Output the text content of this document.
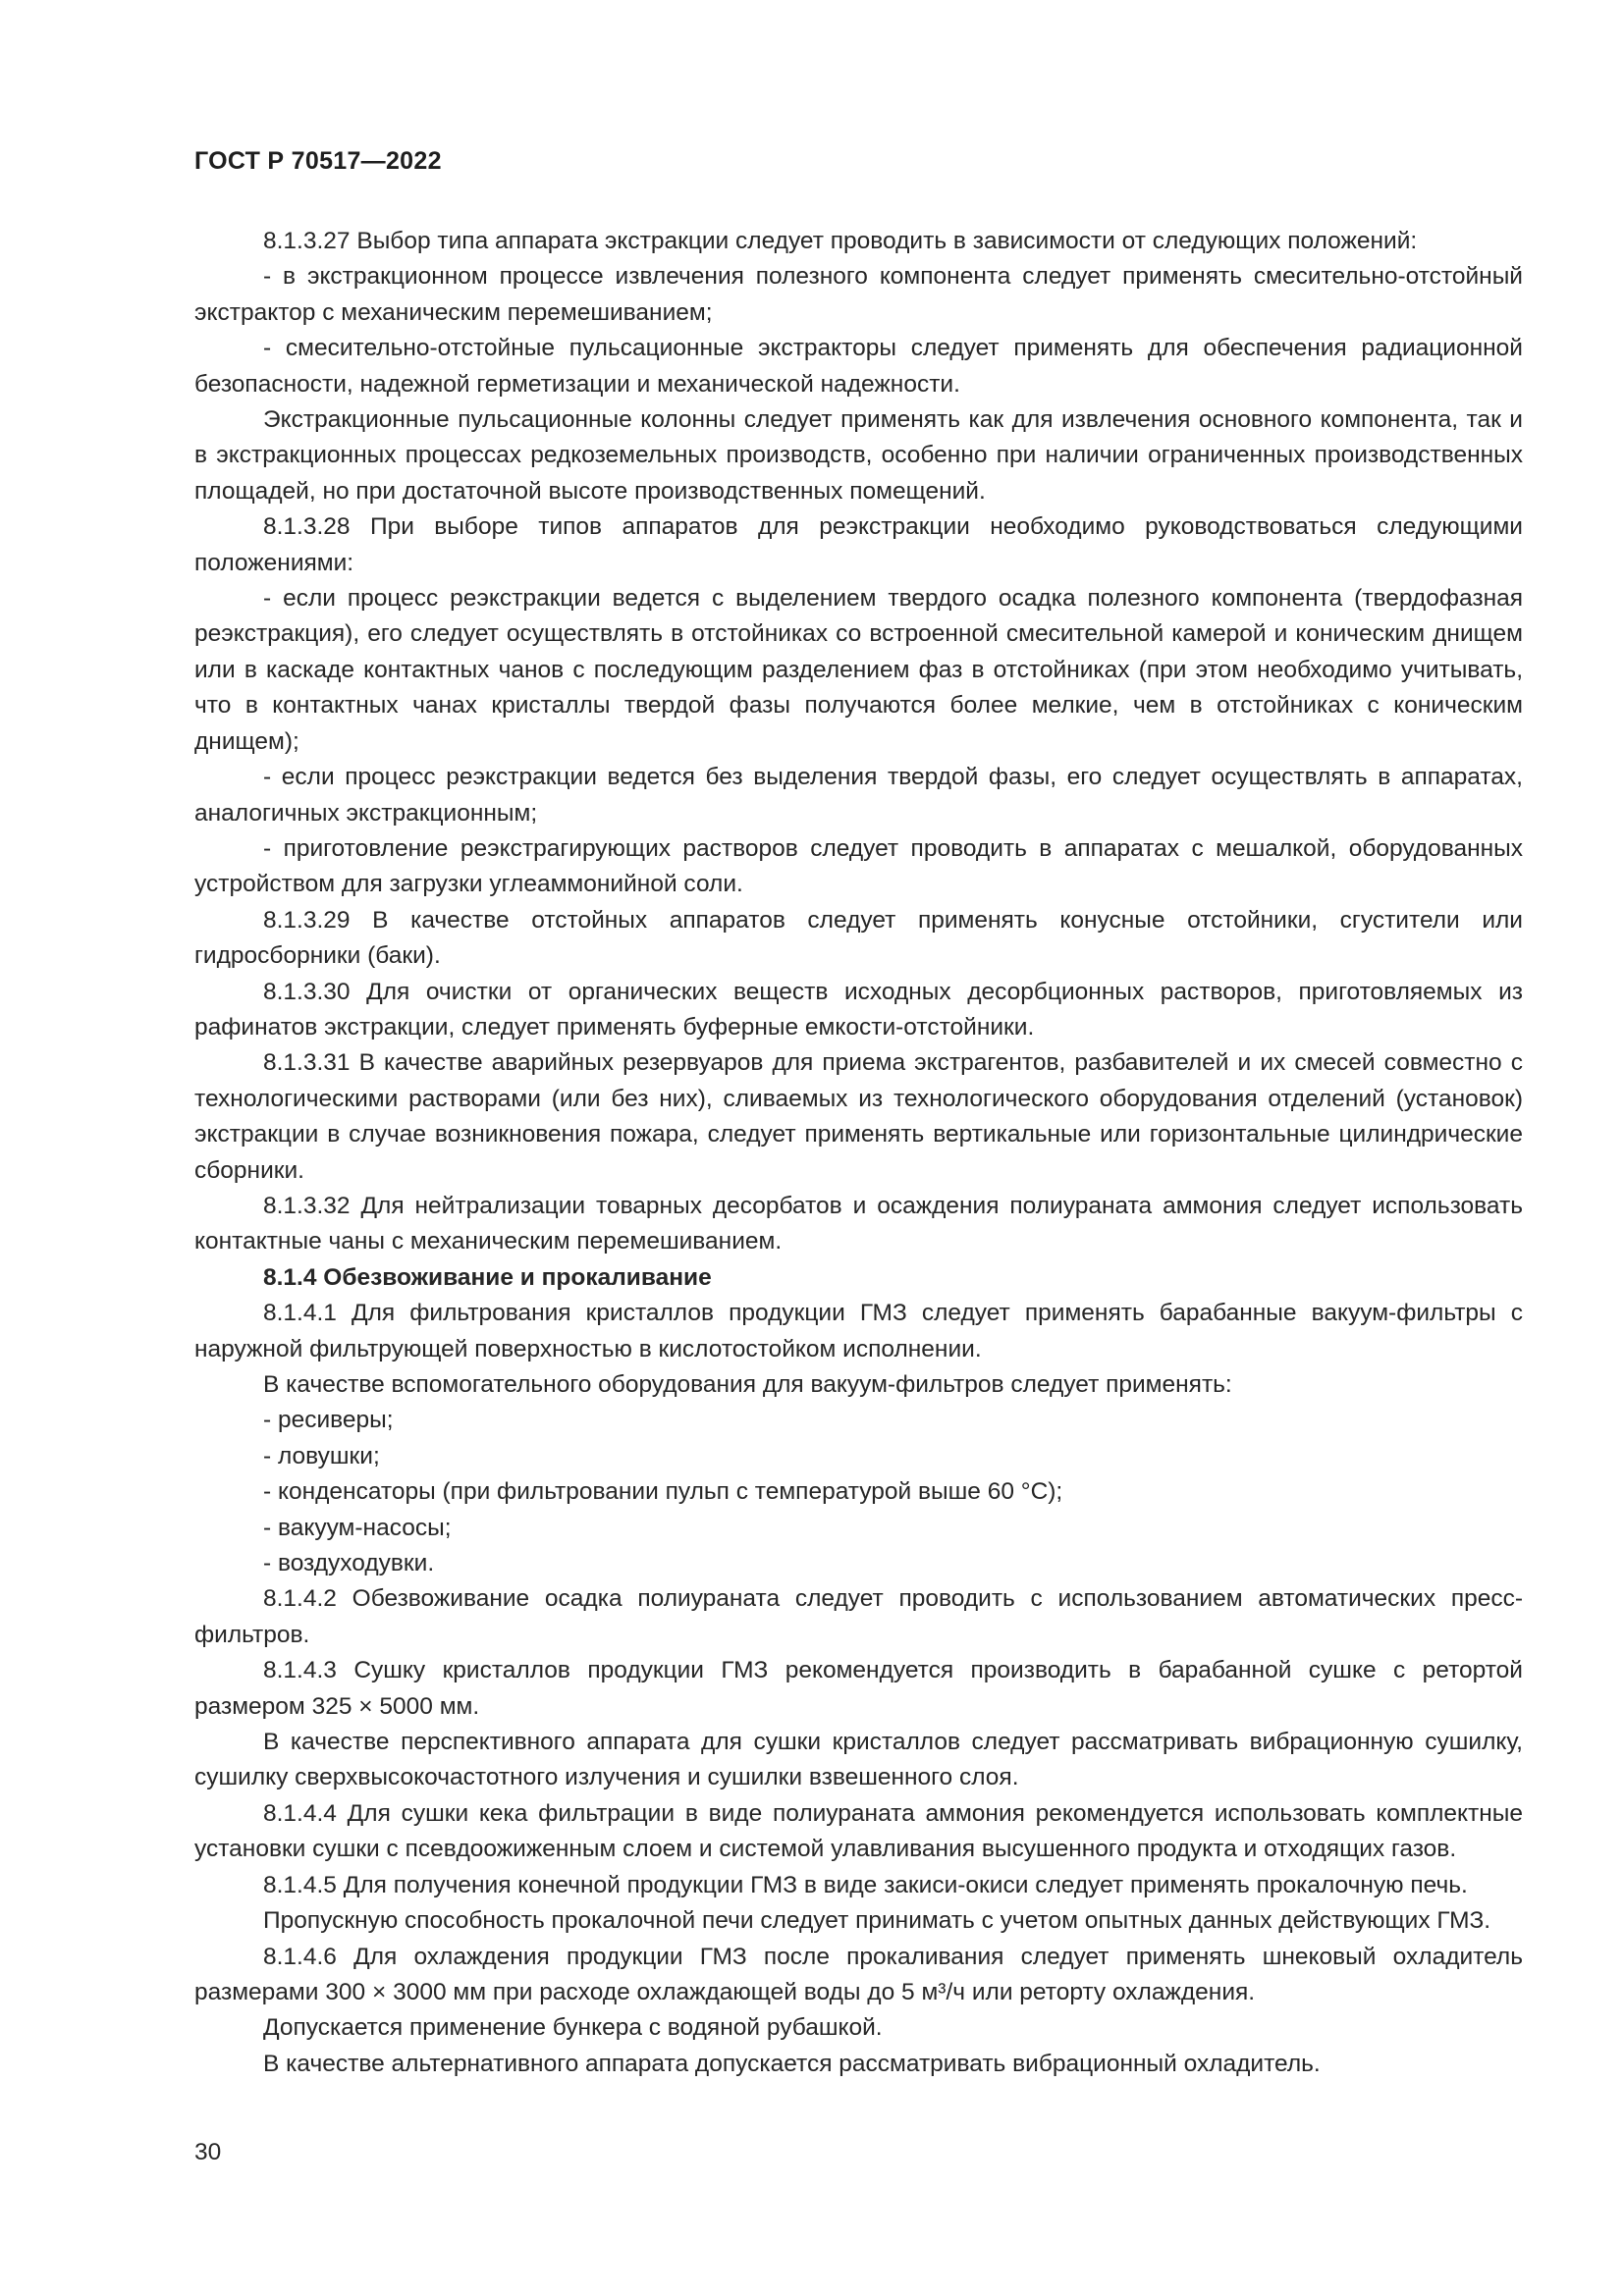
ГОСТ Р 70517—2022

8.1.3.27 Выбор типа аппарата экстракции следует проводить в зависимости от следующих положений:

- в экстракционном процессе извлечения полезного компонента следует применять смесительно-отстойный экстрактор с механическим перемешиванием;

- смесительно-отстойные пульсационные экстракторы следует применять для обеспечения радиационной безопасности, надежной герметизации и механической надежности.

Экстракционные пульсационные колонны следует применять как для извлечения основного компонента, так и в экстракционных процессах редкоземельных производств, особенно при наличии ограниченных производственных площадей, но при достаточной высоте производственных помещений.

8.1.3.28 При выборе типов аппаратов для реэкстракции необходимо руководствоваться следующими положениями:

- если процесс реэкстракции ведется с выделением твердого осадка полезного компонента (твердофазная реэкстракция), его следует осуществлять в отстойниках со встроенной смесительной камерой и коническим днищем или в каскаде контактных чанов с последующим разделением фаз в отстойниках (при этом необходимо учитывать, что в контактных чанах кристаллы твердой фазы получаются более мелкие, чем в отстойниках с коническим днищем);

- если процесс реэкстракции ведется без выделения твердой фазы, его следует осуществлять в аппаратах, аналогичных экстракционным;

- приготовление реэкстрагирующих растворов следует проводить в аппаратах с мешалкой, оборудованных устройством для загрузки углеаммонийной соли.

8.1.3.29 В качестве отстойных аппаратов следует применять конусные отстойники, сгустители или гидросборники (баки).

8.1.3.30 Для очистки от органических веществ исходных десорбционных растворов, приготовляемых из рафинатов экстракции, следует применять буферные емкости-отстойники.

8.1.3.31 В качестве аварийных резервуаров для приема экстрагентов, разбавителей и их смесей совместно с технологическими растворами (или без них), сливаемых из технологического оборудования отделений (установок) экстракции в случае возникновения пожара, следует применять вертикальные или горизонтальные цилиндрические сборники.

8.1.3.32 Для нейтрализации товарных десорбатов и осаждения полиураната аммония следует использовать контактные чаны с механическим перемешиванием.

8.1.4 Обезвоживание и прокаливание

8.1.4.1 Для фильтрования кристаллов продукции ГМЗ следует применять барабанные вакуум-фильтры с наружной фильтрующей поверхностью в кислотостойком исполнении.

В качестве вспомогательного оборудования для вакуум-фильтров следует применять:

- ресиверы;

- ловушки;

- конденсаторы (при фильтровании пульп с температурой выше 60 °C);

- вакуум-насосы;

- воздуходувки.

8.1.4.2 Обезвоживание осадка полиураната следует проводить с использованием автоматических пресс-фильтров.

8.1.4.3 Сушку кристаллов продукции ГМЗ рекомендуется производить в барабанной сушке с ретортой размером 325 × 5000 мм.

В качестве перспективного аппарата для сушки кристаллов следует рассматривать вибрационную сушилку, сушилку сверхвысокочастотного излучения и сушилки взвешенного слоя.

8.1.4.4 Для сушки кека фильтрации в виде полиураната аммония рекомендуется использовать комплектные установки сушки с псевдоожиженным слоем и системой улавливания высушенного продукта и отходящих газов.

8.1.4.5 Для получения конечной продукции ГМЗ в виде закиси-окиси следует применять прокалочную печь.

Пропускную способность прокалочной печи следует принимать с учетом опытных данных действующих ГМЗ.

8.1.4.6 Для охлаждения продукции ГМЗ после прокаливания следует применять шнековый охладитель размерами 300 × 3000 мм при расходе охлаждающей воды до 5 м³/ч или реторту охлаждения.

Допускается применение бункера с водяной рубашкой.

В качестве альтернативного аппарата допускается рассматривать вибрационный охладитель.

30
